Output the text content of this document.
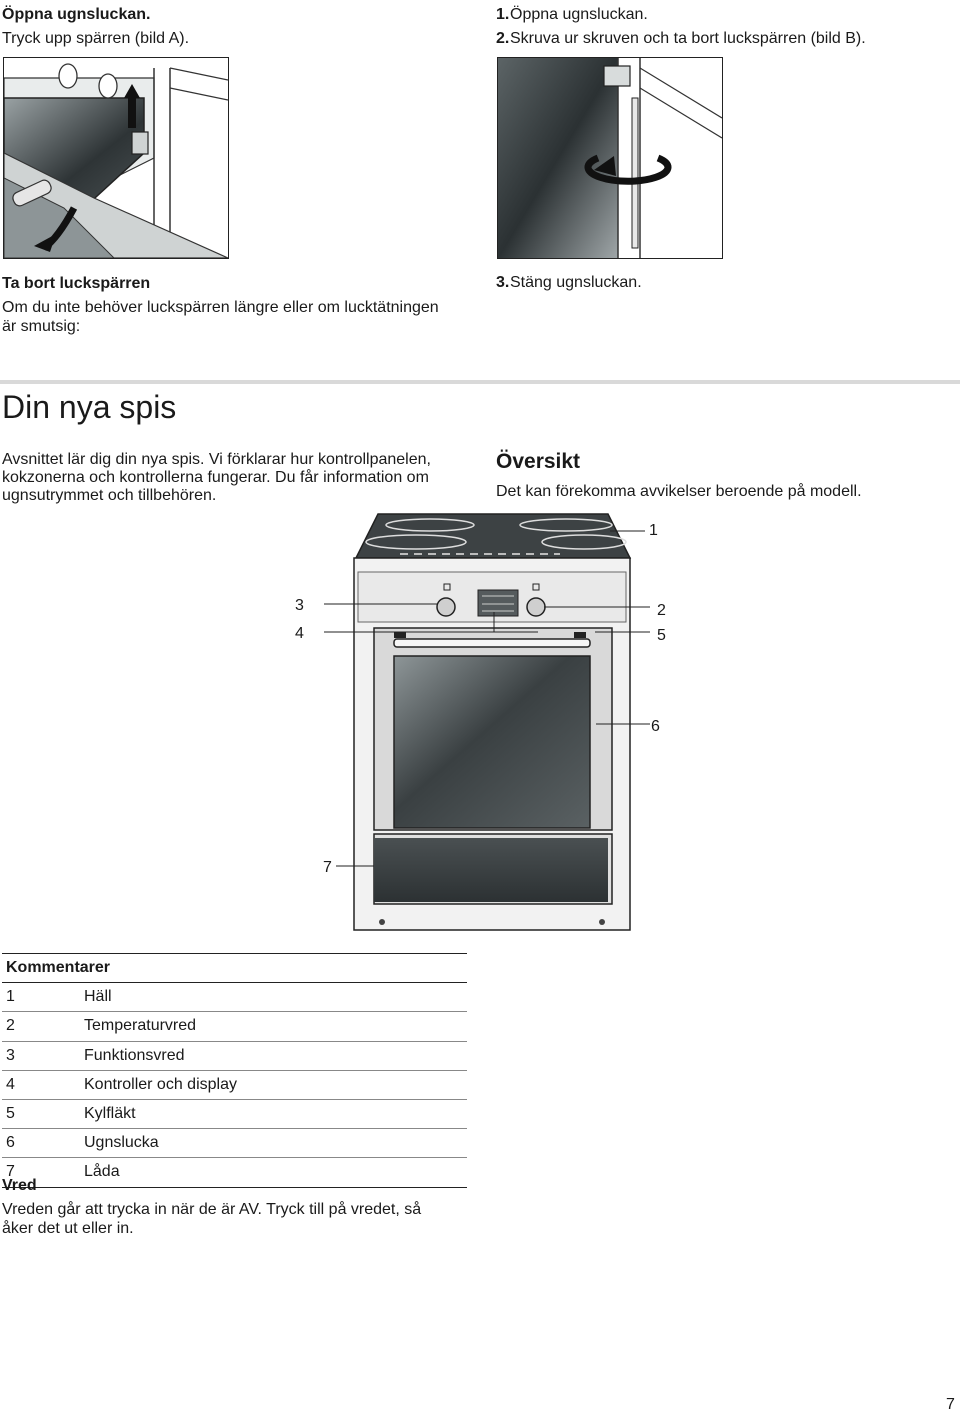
Öppna ugnsluckan.
Tryck upp spärren (bild A).
1.Öppna ugnsluckan.
2.Skruva ur skruven och ta bort luckspärren (bild B).
Ta bort luckspärren
Om du inte behöver luckspärren längre eller om lucktätningen
är smutsig:
3.Stäng ugnsluckan.
Din nya spis
Avsnittet lär dig din nya spis. Vi förklarar hur kontrollpanelen,
kokzonerna och kontrollerna fungerar. Du får information om
ugnsutrymmet och tillbehören.
Översikt
Det kan förekomma avvikelser beroende på modell.
1
2
3
4	5
6
7
Kommentarer	
1	Häll
2	Temperaturvred
3	Funktionsvred
4	Kontroller och display
5	Kylfläkt
6	Ugnslucka
7	Låda
Vred
Vreden går att trycka in när de är AV. Tryck till på vredet, så
åker det ut eller in.
7
